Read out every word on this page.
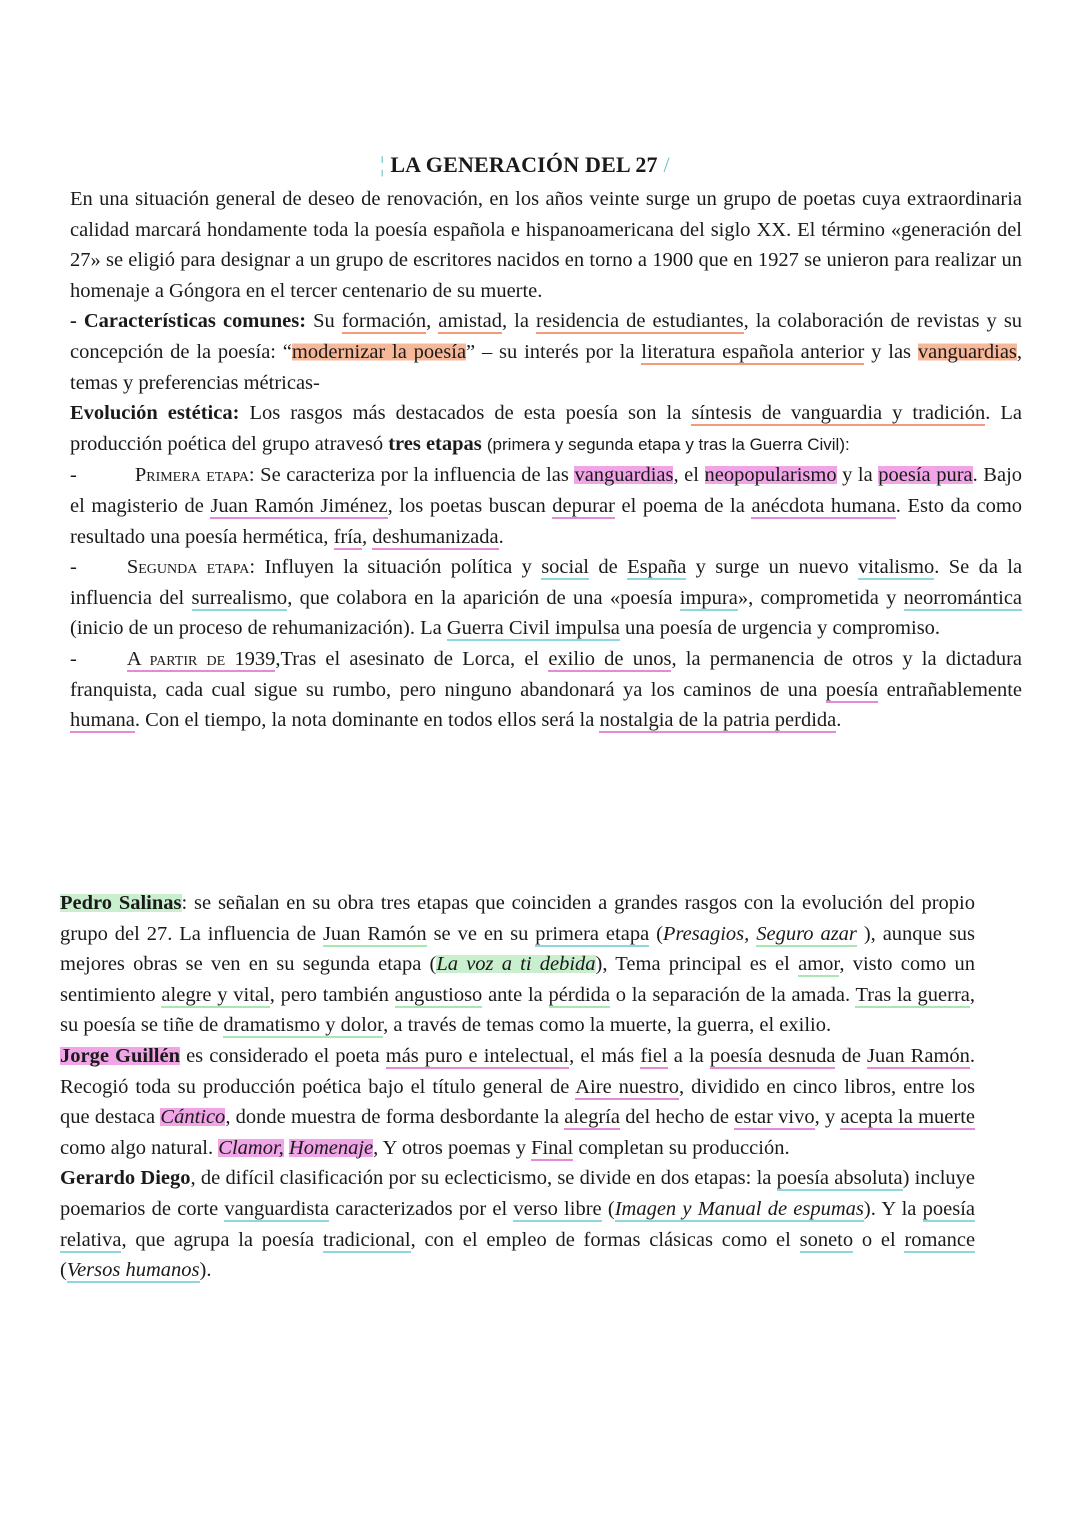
¦ LA GENERACIÓN DEL 27 /

En una situación general de deseo de renovación, en los años veinte surge un grupo de poetas cuya extraordinaria calidad marcará hondamente toda la poesía española e hispanoamericana del siglo XX. El término «generación del 27» se eligió para designar a un grupo de escritores nacidos en torno a 1900 que en 1927 se unieron para realizar un homenaje a Góngora en el tercer centenario de su muerte.

- Características comunes: Su formación, amistad, la residencia de estudiantes, la colaboración de revistas y su concepción de la poesía: “modernizar la poesía” – su interés por la literatura española anterior y las vanguardias, temas y preferencias métricas-

Evolución estética: Los rasgos más destacados de esta poesía son la síntesis de vanguardia y tradición. La producción poética del grupo atravesó tres etapas (primera y segunda etapa y tras la Guerra Civil):

-	Primera etapa: Se caracteriza por la influencia de las vanguardias, el neopopularismo y la poesía pura. Bajo el magisterio de Juan Ramón Jiménez, los poetas buscan depurar el poema de la anécdota humana. Esto da como resultado una poesía hermética, fría, deshumanizada.

- Segunda etapa: Influyen la situación política y social de España y surge un nuevo vitalismo. Se da la influencia del surrealismo, que colabora en la aparición de una «poesía impura», comprometida y neorromántica (inicio de un proceso de rehumanización). La Guerra Civil impulsa una poesía de urgencia y compromiso.

- A partir de 1939,Tras el asesinato de Lorca, el exilio de unos, la permanencia de otros y la dictadura franquista, cada cual sigue su rumbo, pero ninguno abandonará ya los caminos de una poesía entrañablemente humana. Con el tiempo, la nota dominante en todos ellos será la nostalgia de la patria perdida.

Pedro Salinas: se señalan en su obra tres etapas que coinciden a grandes rasgos con la evolución del propio grupo del 27. La influencia de Juan Ramón se ve en su primera etapa (Presagios, Seguro azar ), aunque sus mejores obras se ven en su segunda etapa (La voz a ti debida), Tema principal es el amor, visto como un sentimiento alegre y vital, pero también angustioso ante la pérdida o la separación de la amada. Tras la guerra, su poesía se tiñe de dramatismo y dolor, a través de temas como la muerte, la guerra, el exilio.

Jorge Guillén es considerado el poeta más puro e intelectual, el más fiel a la poesía desnuda de Juan Ramón. Recogió toda su producción poética bajo el título general de Aire nuestro, dividido en cinco libros, entre los que destaca Cántico, donde muestra de forma desbordante la alegría del hecho de estar vivo, y acepta la muerte como algo natural. Clamor, Homenaje, Y otros poemas y Final completan su producción.

Gerardo Diego, de difícil clasificación por su eclecticismo, se divide en dos etapas: la poesía absoluta) incluye poemarios de corte vanguardista caracterizados por el verso libre (Imagen y Manual de espumas). Y la poesía relativa, que agrupa la poesía tradicional, con el empleo de formas clásicas como el soneto o el romance (Versos humanos).
